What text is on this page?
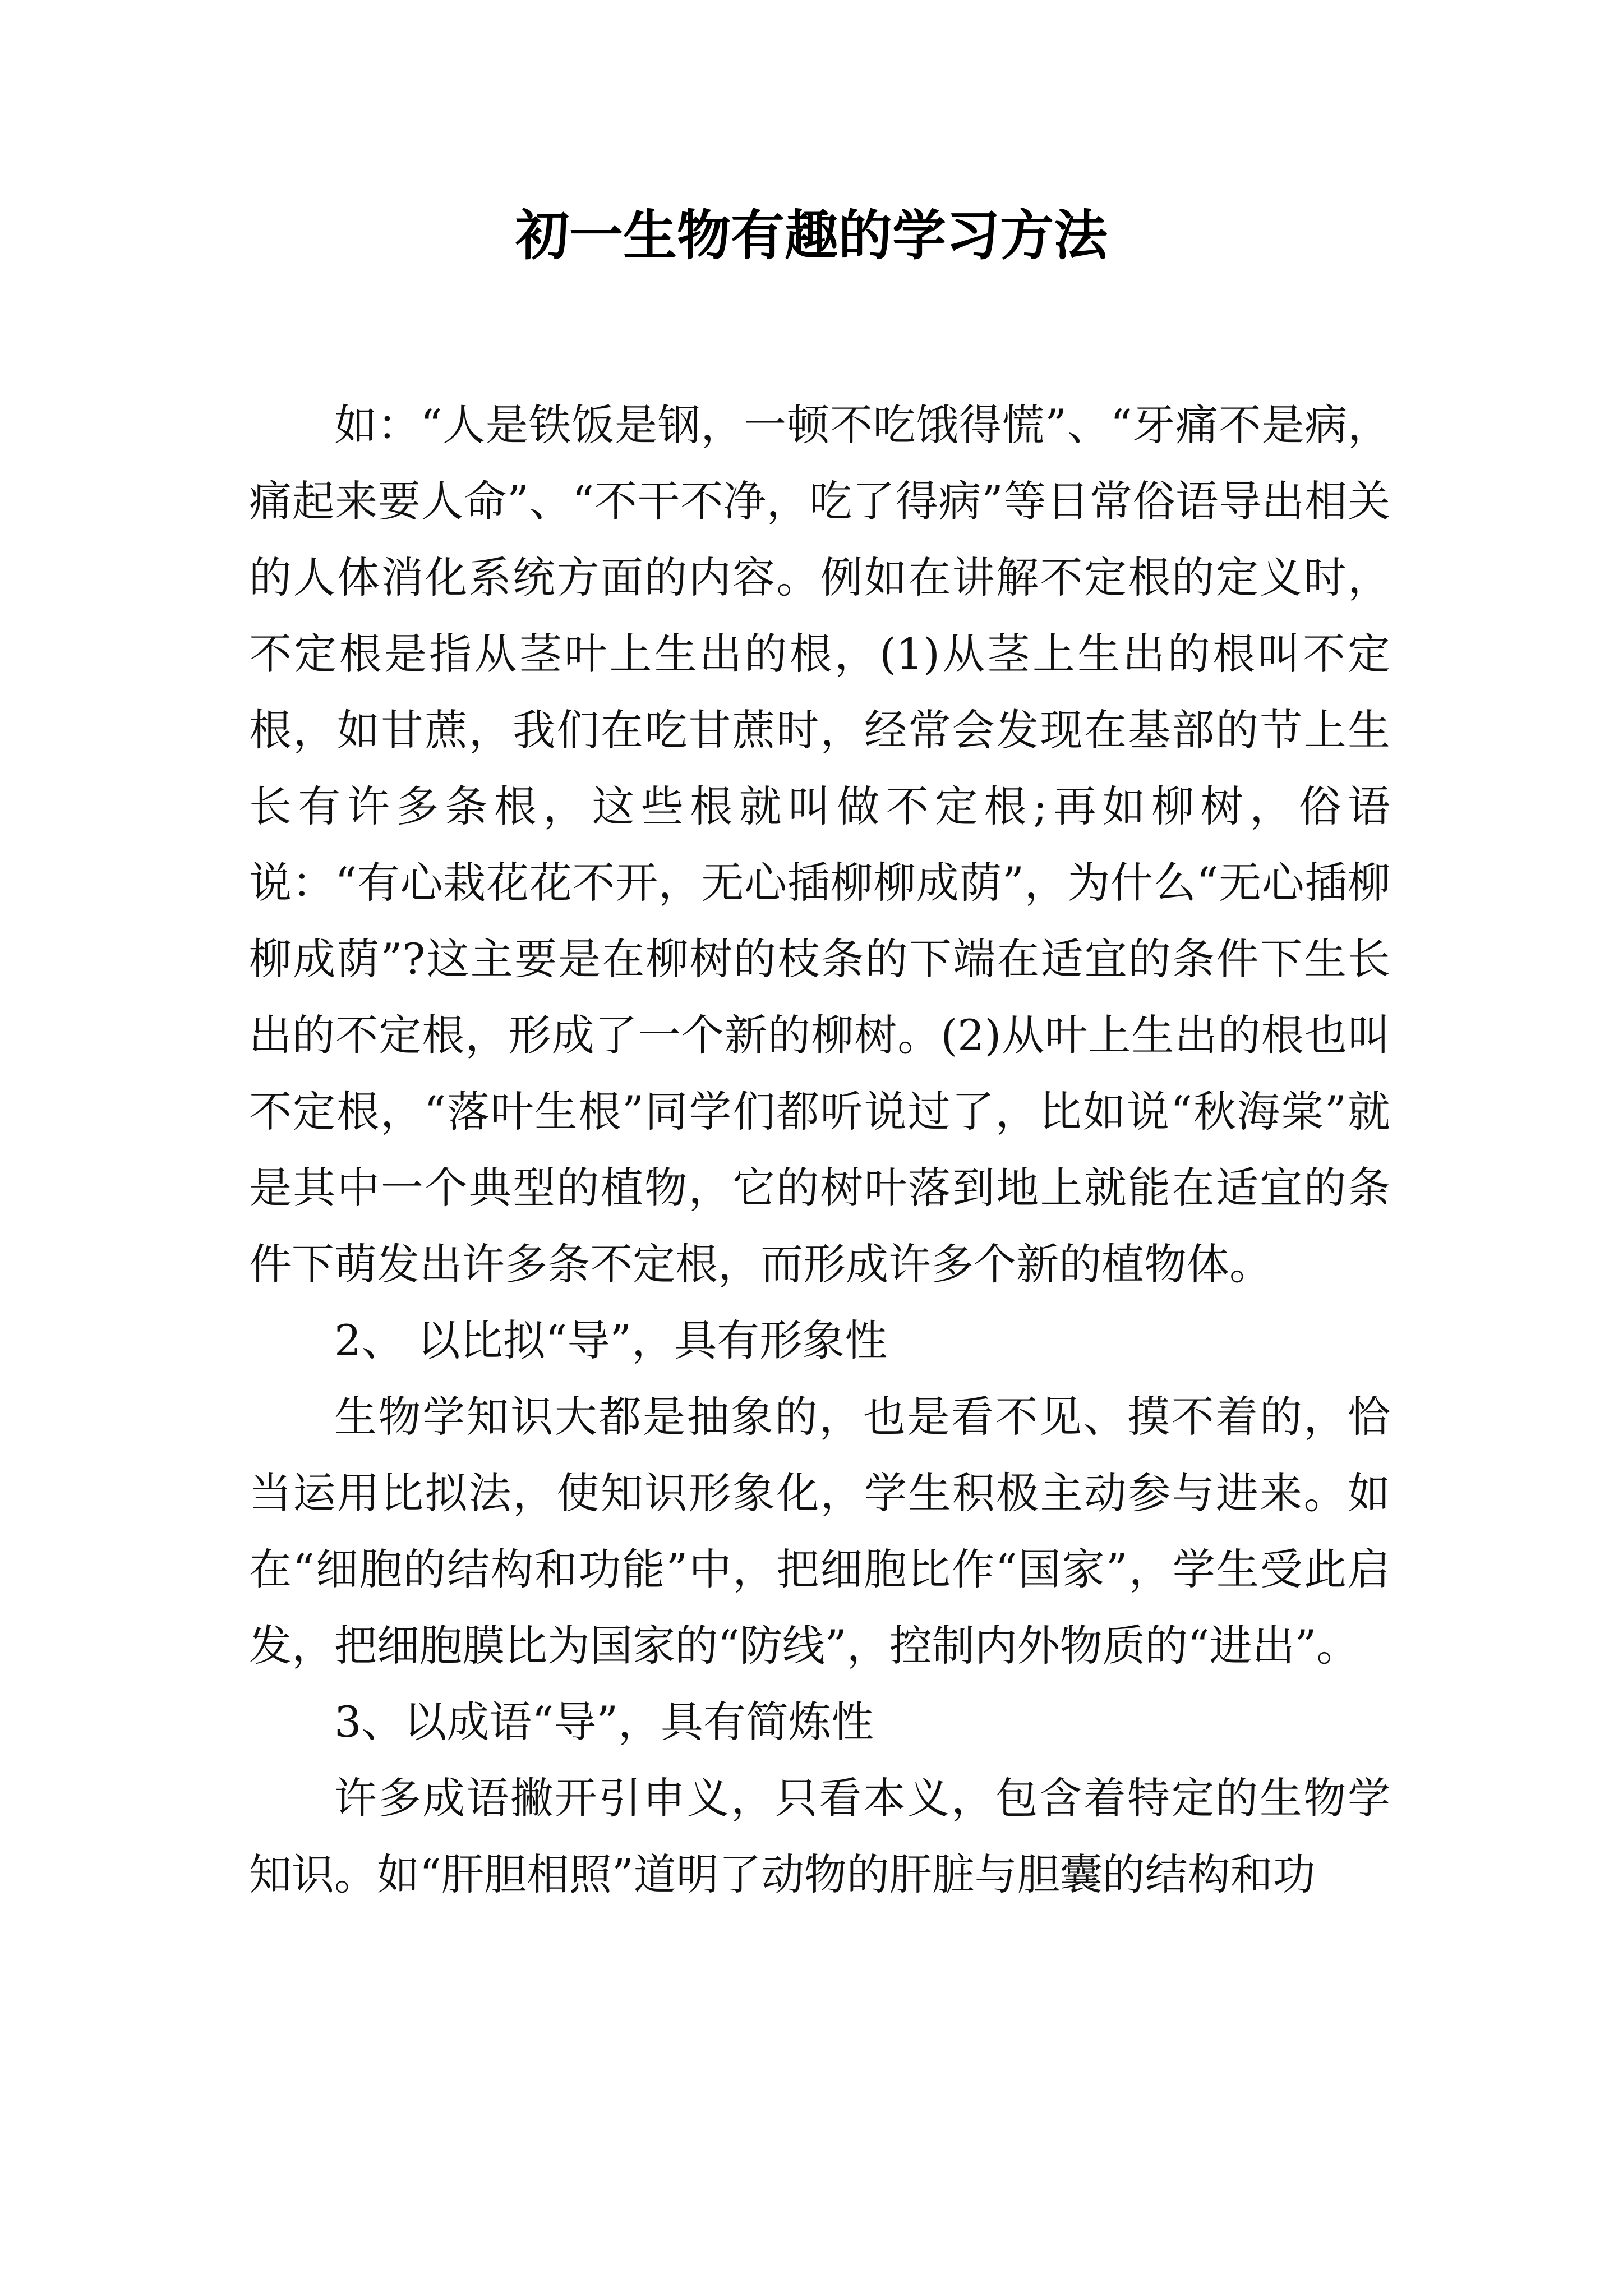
初一生物有趣的学习方法

如：“人是铁饭是钢，一顿不吃饿得慌”、“牙痛不是病，痛起来要人命”、“不干不净，吃了得病”等日常俗语导出相关的人体消化系统方面的内容。例如在讲解不定根的定义时，不定根是指从茎叶上生出的根，(1)从茎上生出的根叫不定根，如甘蔗，我们在吃甘蔗时，经常会发现在基部的节上生长有许多条根，这些根就叫做不定根;再如柳树，俗语说：“有心栽花花不开，无心插柳柳成荫”，为什么“无心插柳柳成荫”?这主要是在柳树的枝条的下端在适宜的条件下生长出的不定根，形成了一个新的柳树。(2)从叶上生出的根也叫不定根，“落叶生根”同学们都听说过了，比如说“秋海棠”就是其中一个典型的植物，它的树叶落到地上就能在适宜的条件下萌发出许多条不定根，而形成许多个新的植物体。

2、 以比拟“导”，具有形象性

生物学知识大都是抽象的，也是看不见、摸不着的，恰当运用比拟法，使知识形象化，学生积极主动参与进来。如在“细胞的结构和功能”中，把细胞比作“国家”，学生受此启发，把细胞膜比为国家的“防线”，控制内外物质的“进出”。

3、以成语“导”，具有简炼性

许多成语撇开引申义，只看本义，包含着特定的生物学知识。如“肝胆相照”道明了动物的肝脏与胆囊的结构和功
